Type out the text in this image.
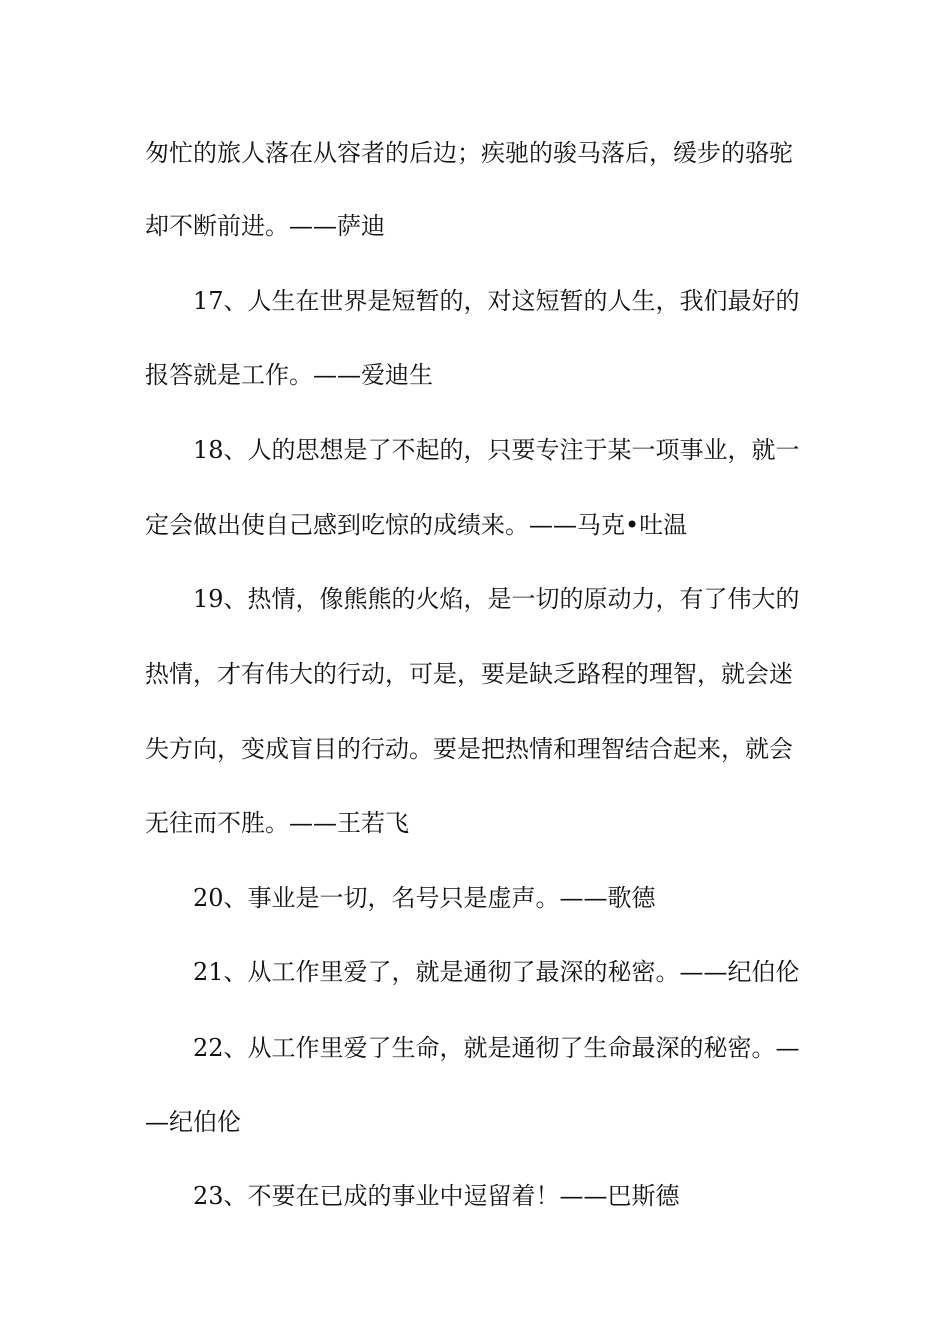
匆忙的旅人落在从容者的后边；疾驰的骏马落后，缓步的骆驼
却不断前进。——萨迪
17、人生在世界是短暂的，对这短暂的人生，我们最好的
报答就是工作。——爱迪生
18、人的思想是了不起的，只要专注于某一项事业，就一
定会做出使自己感到吃惊的成绩来。——马克•吐温
19、热情，像熊熊的火焰，是一切的原动力，有了伟大的
热情，才有伟大的行动，可是，要是缺乏路程的理智，就会迷
失方向，变成盲目的行动。要是把热情和理智结合起来，就会
无往而不胜。——王若飞
20、事业是一切，名号只是虚声。——歌德
21、从工作里爱了，就是通彻了最深的秘密。——纪伯伦
22、从工作里爱了生命，就是通彻了生命最深的秘密。—
—纪伯伦
23、不要在已成的事业中逗留着！——巴斯德
